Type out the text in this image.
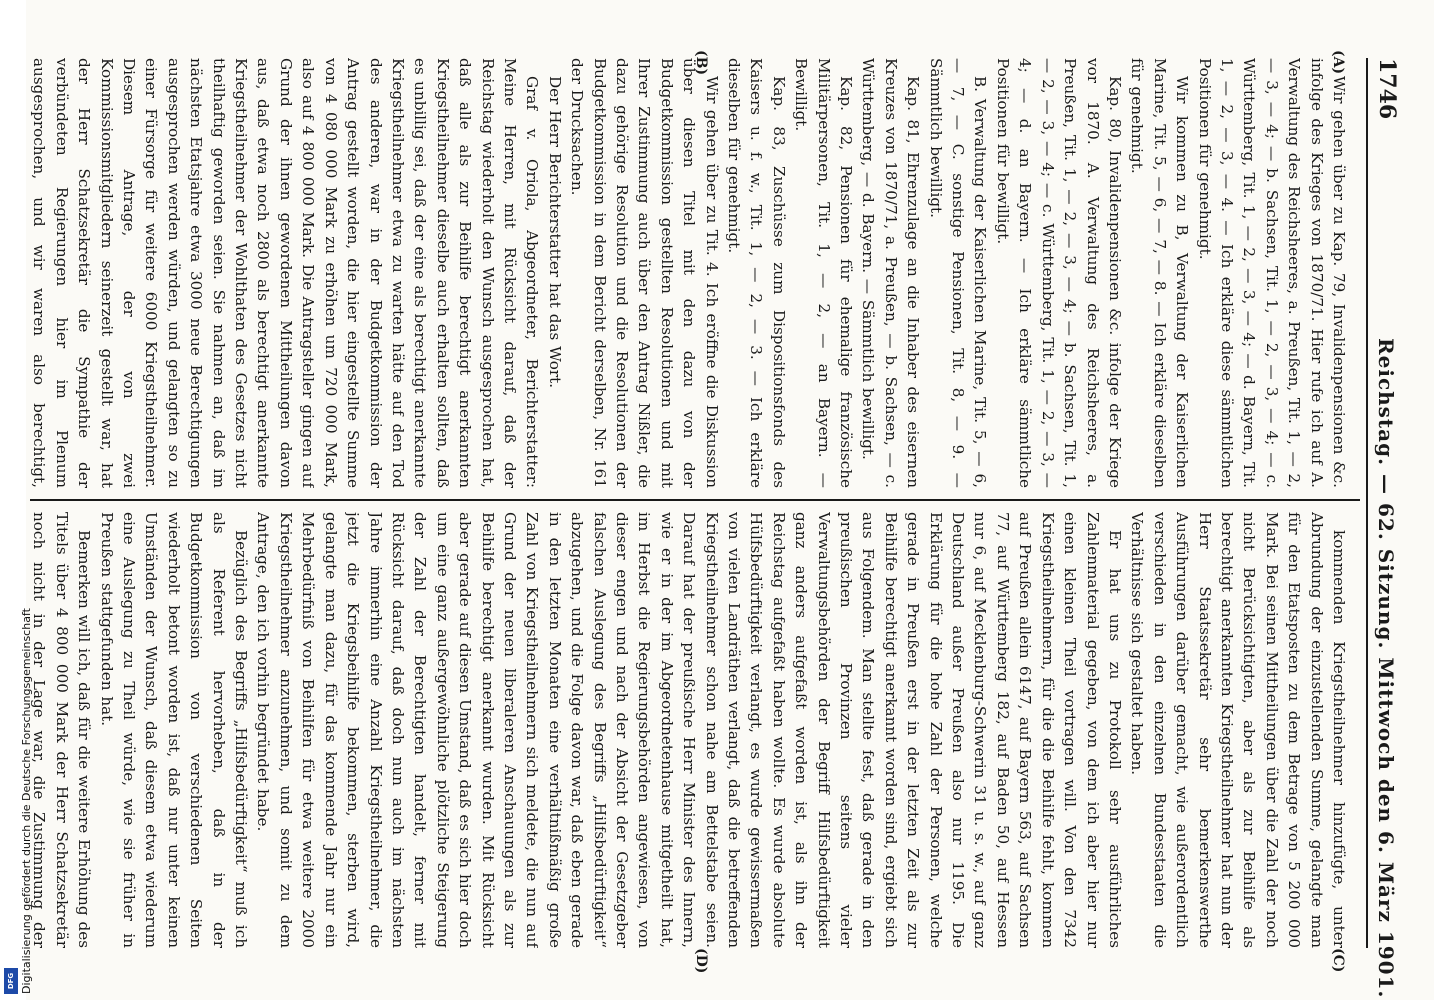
1746
Reichstag. — 62. Sitzung. Mittwoch den 6. März 1901.
(A)
(B)
(C)
(D)

Wir gehen über zu Kap. 79, Invalidenpensionen &c. infolge des Krieges von 1870/71. Hier rufe ich auf A. Verwaltung des Reichsheeres, a. Preußen, Tit. 1, — 2, — 3, — 4; — b. Sachsen, Tit. 1, — 2, — 3, — 4; — c. Württemberg, Tit. 1, — 2, — 3, — 4; — d. Bayern, Tit. 1, — 2, — 3, — 4. — Ich erkläre diese sämmtlichen Positionen für genehmigt.

Wir kommen zu B, Verwaltung der Kaiserlichen Marine, Tit. 5, — 6, — 7, — 8. — Ich erkläre dieselben für genehmigt.

Kap. 80, Invalidenpensionen &c. infolge der Kriege vor 1870. A. Verwaltung des Reichsheeres, a. Preußen, Tit. 1, — 2, — 3, — 4; — b. Sachsen, Tit. 1, — 2, — 3, — 4; — c. Württemberg, Tit. 1, — 2, — 3, — 4; — d. an Bayern. — Ich erkläre sämmtliche Positionen für bewilligt.

B. Verwaltung der Kaiserlichen Marine, Tit. 5, — 6, — 7, — C. sonstige Pensionen, Tit. 8, — 9. — Sämmtlich bewilligt.

Kap. 81, Ehrenzulage an die Inhaber des eisernen Kreuzes von 1870/71, a. Preußen, — b. Sachsen, — c. Württemberg, — d. Bayern. — Sämmtlich bewilligt.

Kap. 82, Pensionen für ehemalige französische Militärpersonen, Tit. 1, — 2, — an Bayern. — Bewilligt.

Kap. 83, Zuschüsse zum Dispositionsfonds des Kaisers u. f. w., Tit. 1, — 2, — 3. — Ich erkläre dieselben für genehmigt.

Wir gehen über zu Tit. 4. Ich eröffne die Diskussion über diesen Titel mit den dazu von der Budgetkommission gestellten Resolutionen und mit Ihrer Zustimmung auch über den Antrag Nißler, die dazu gehörige Resolution und die Resolutionen der Budgetkommission in dem Bericht derselben, Nr. 161 der Drucksachen.

Der Herr Berichterstatter hat das Wort.

Graf v. Oriola, Abgeordneter, Berichterstatter: Meine Herren, mit Rücksicht darauf, daß der Reichstag wiederholt den Wunsch ausgesprochen hat, daß alle als zur Beihilfe berechtigt anerkannten Kriegstheilnehmer dieselbe auch erhalten sollten, daß es unbillig sei, daß der eine als berechtigt anerkannte Kriegstheilnehmer etwa zu warten hätte auf den Tod des anderen, war in der Budgetkommission der Antrag gestellt worden, die hier eingestellte Summe von 4 080 000 Mark zu erhöhen um 720 000 Mark, also auf 4 800 000 Mark. Die Antragsteller gingen auf Grund der ihnen gewordenen Mittheilungen davon aus, daß etwa noch 2800 als berechtigt anerkannte Kriegstheilnehmer der Wohlthaten des Gesetzes nicht theilhaftig geworden seien. Sie nahmen an, daß im nächsten Etatsjahre etwa 3000 neue Berechtigungen ausgesprochen werden würden, und gelangten so zu einer Fürsorge für weitere 6000 Kriegstheilnehmer. Diesem Antrage, der von zwei Kommissionsmitgliedern seinerzeit gestellt war, hat der Herr Schatzsekretär die Sympathie der verbündeten Regierungen hier im Plenum ausgesprochen, und wir waren also berechtigt,

kommenden Kriegstheilnehmer hinzufügte, unter Abrundung der einzustellenden Summe, gelangte man für den Etatsposten zu dem Betrage von 5 200 000 Mark. Bei seinen Mittheilungen über die Zahl der noch nicht Berücksichtigten, aber als zur Beihilfe als berechtigt anerkannten Kriegstheilnehmer hat nun der Herr Staatssekretär sehr bemerkenswerthe Ausführungen darüber gemacht, wie außerordentlich verschieden in den einzelnen Bundesstaaten die Verhältnisse sich gestaltet haben.

Er hat uns zu Protokoll sehr ausführliches Zahlenmaterial gegeben, von dem ich aber hier nur einen kleinen Theil vortragen will. Von den 7342 Kriegstheilnehmern, für die die Beihilfe fehlt, kommen auf Preußen allein 6147, auf Bayern 563, auf Sachsen 77, auf Württemberg 182, auf Baden 50, auf Hessen nur 6, auf Mecklenburg-Schwerin 31 u. s. w., auf ganz Deutschland außer Preußen also nur 1195. Die Erklärung für die hohe Zahl der Personen, welche gerade in Preußen erst in der letzten Zeit als zur Beihilfe berechtigt anerkannt worden sind, ergiebt sich aus Folgendem. Man stellte fest, daß gerade in den preußischen Provinzen seitens vieler Verwaltungsbehörden der Begriff Hilfsbedürftigkeit ganz anders aufgefaßt worden ist, als ihn der Reichstag aufgefaßt haben wollte. Es wurde absolute Hülfsbedürftigkeit verlangt, es wurde gewissermaßen von vielen Landräthen verlangt, daß die betreffenden Kriegstheilnehmer schon nahe am Bettelstabe seien. Darauf hat der preußische Herr Minister des Innern, wie er in der im Abgeordnetenhause mitgetheilt hat, im Herbst die Regierungsbehörden angewiesen, von dieser engen und nach der Absicht der Gesetzgeber falschen Auslegung des Begriffs „Hilfsbedürftigkeit“ abzugehen, und die Folge davon war, daß eben gerade in den letzten Monaten eine verhältnißmäßig große Zahl von Kriegstheilnehmern sich meldete, die nun auf Grund der neuen liberaleren Anschauungen als zur Beihilfe berechtigt anerkannt wurden. Mit Rücksicht aber gerade auf diesen Umstand, daß es sich hier doch um eine ganz außergewöhnliche plötzliche Steigerung der Zahl der Berechtigten handelt, ferner mit Rücksicht darauf, daß doch nun auch im nächsten Jahre immerhin eine Anzahl Kriegstheilnehmer, die jetzt die Kriegsbeihilfe bekommen, sterben wird, gelangte man dazu, für das kommende Jahr nur ein Mehrbedürfniß von Beihilfen für etwa weitere 2000 Kriegstheilnehmer anzunehmen, und somit zu dem Antrage, den ich vorhin begründet habe.

Bezüglich des Begriffs „Hilfsbedürftigkeit“ muß ich als Referent hervorheben, daß in der Budgetkommission von verschiedenen Seiten wiederholt betont worden ist, daß nur unter keinen Umständen der Wunsch, daß diesem etwa wiederum eine Auslegung zu Theil würde, wie sie früher in Preußen stattgefunden hat.

Bemerken will ich, daß für die weitere Erhöhung des Titels über 4 800 000 Mark der Herr Schatzsekretär noch nicht in der Lage war, die Zustimmung der

Digitalisierung gefördert durch die Deutsche Forschungsgemeinschaft
DFG
